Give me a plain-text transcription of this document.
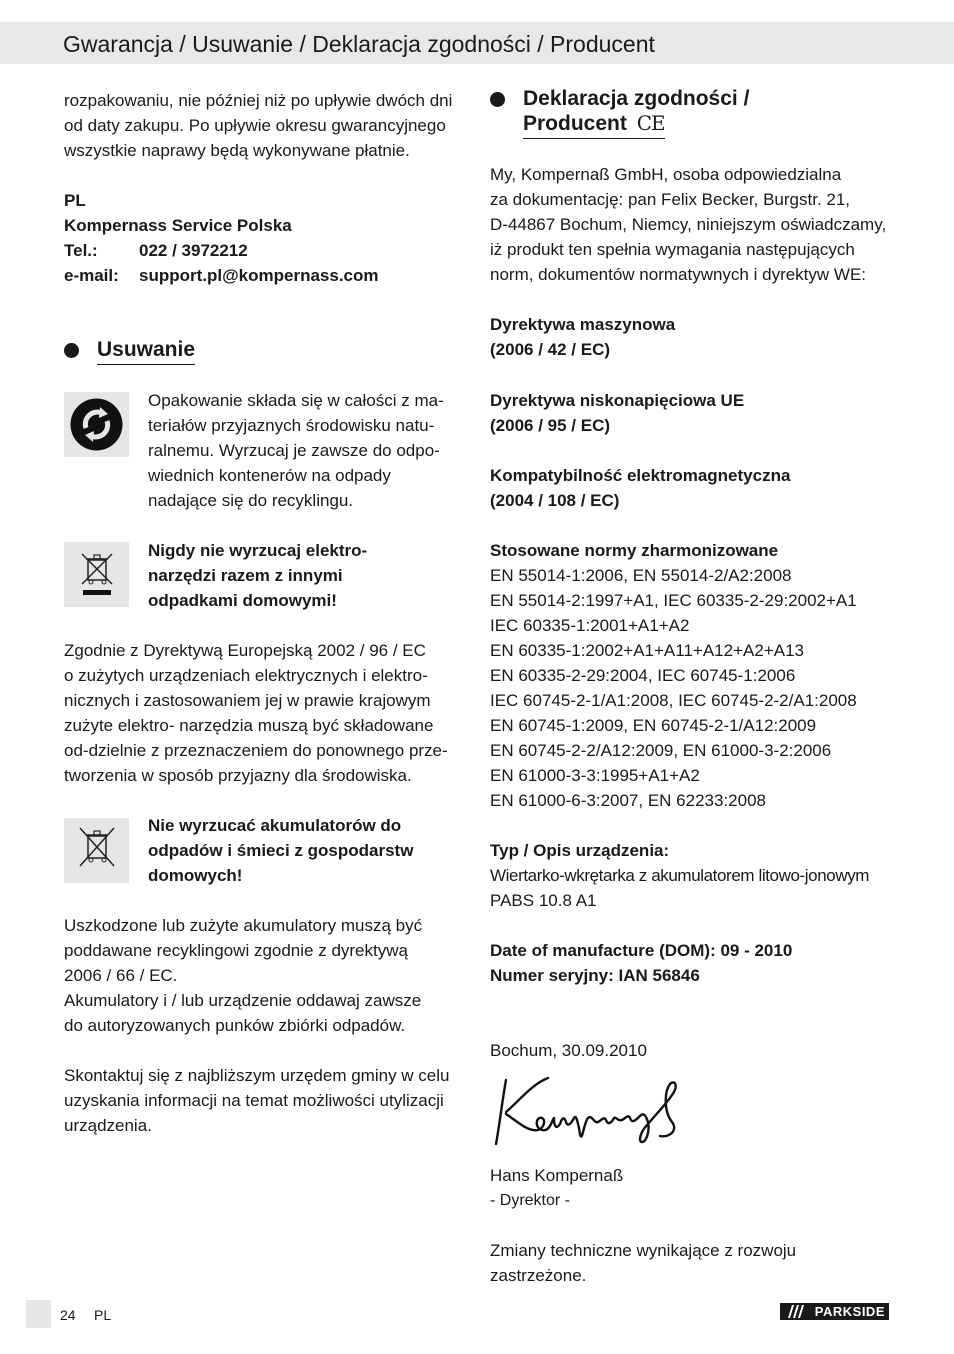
Gwarancja / Usuwanie / Deklaracja zgodności / Producent
rozpakowaniu, nie później niż po upływie dwóch dni
od daty zakupu. Po upływie okresu gwarancyjnego
wszystkie naprawy będą wykonywane płatnie.
PL
Kompernass Service Polska
Tel.: 022 / 3972212
e-mail: support.pl@kompernass.com
Usuwanie
Opakowanie składa się w całości z ma-
teriałów przyjaznych środowisku natu-
ralnemu. Wyrzucaj je zawsze do odpo-
wiednich kontenerów na odpady
nadające się do recyklingu.
Nigdy nie wyrzucaj elektro-
narzędzi razem z innymi
odpadkami domowymi!
Zgodnie z Dyrektywą Europejską 2002 / 96 / EC
o zużytych urządzeniach elektrycznych i elektro-
nicznych i zastosowaniem jej w prawie krajowym
zużyte elektro- narzędzia muszą być składowane
od-dzielnie z przeznaczeniem do ponownego prze-
tworzenia w sposób przyjazny dla środowiska.
Nie wyrzucać akumulatorów do
odpadów i śmieci z gospodarstw
domowych!
Uszkodzone lub zużyte akumulatory muszą być
poddawane recyklingowi zgodnie z dyrektywą
2006 / 66 / EC.
Akumulatory i / lub urządzenie oddawaj zawsze
do autoryzowanych punków zbiórki odpadów.
Skontaktuj się z najbliższym urzędem gminy w celu
uzyskania informacji na temat możliwości utylizacji
urządzenia.
Deklaracja zgodności /
Producent CE
My, Kompernaß GmbH, osoba odpowiedzialna
za dokumentację: pan Felix Becker, Burgstr. 21,
D-44867 Bochum, Niemcy, niniejszym oświadczamy,
iż produkt ten spełnia wymagania następujących
norm, dokumentów normatywnych i dyrektyw WE:
Dyrektywa maszynowa
(2006 / 42 / EC)
Dyrektywa niskonapięciowa UE
(2006 / 95 / EC)
Kompatybilność elektromagnetyczna
(2004 / 108 / EC)
Stosowane normy zharmonizowane
EN 55014-1:2006, EN 55014-2/A2:2008
EN 55014-2:1997+A1, IEC 60335-2-29:2002+A1
IEC 60335-1:2001+A1+A2
EN 60335-1:2002+A1+A11+A12+A2+A13
EN 60335-2-29:2004, IEC 60745-1:2006
IEC 60745-2-1/A1:2008, IEC 60745-2-2/A1:2008
EN 60745-1:2009, EN 60745-2-1/A12:2009
EN 60745-2-2/A12:2009, EN 61000-3-2:2006
EN 61000-3-3:1995+A1+A2
EN 61000-6-3:2007, EN 62233:2008
Typ / Opis urządzenia:
Wiertarko-wkrętarka z akumulatorem litowo-jonowym
PABS 10.8 A1
Date of manufacture (DOM): 09 - 2010
Numer seryjny: IAN 56846
Bochum, 30.09.2010
Hans Kompernaß
- Dyrektor -
Zmiany techniczne wynikające z rozwoju
zastrzeżone.
24 PL	PARKSIDE
